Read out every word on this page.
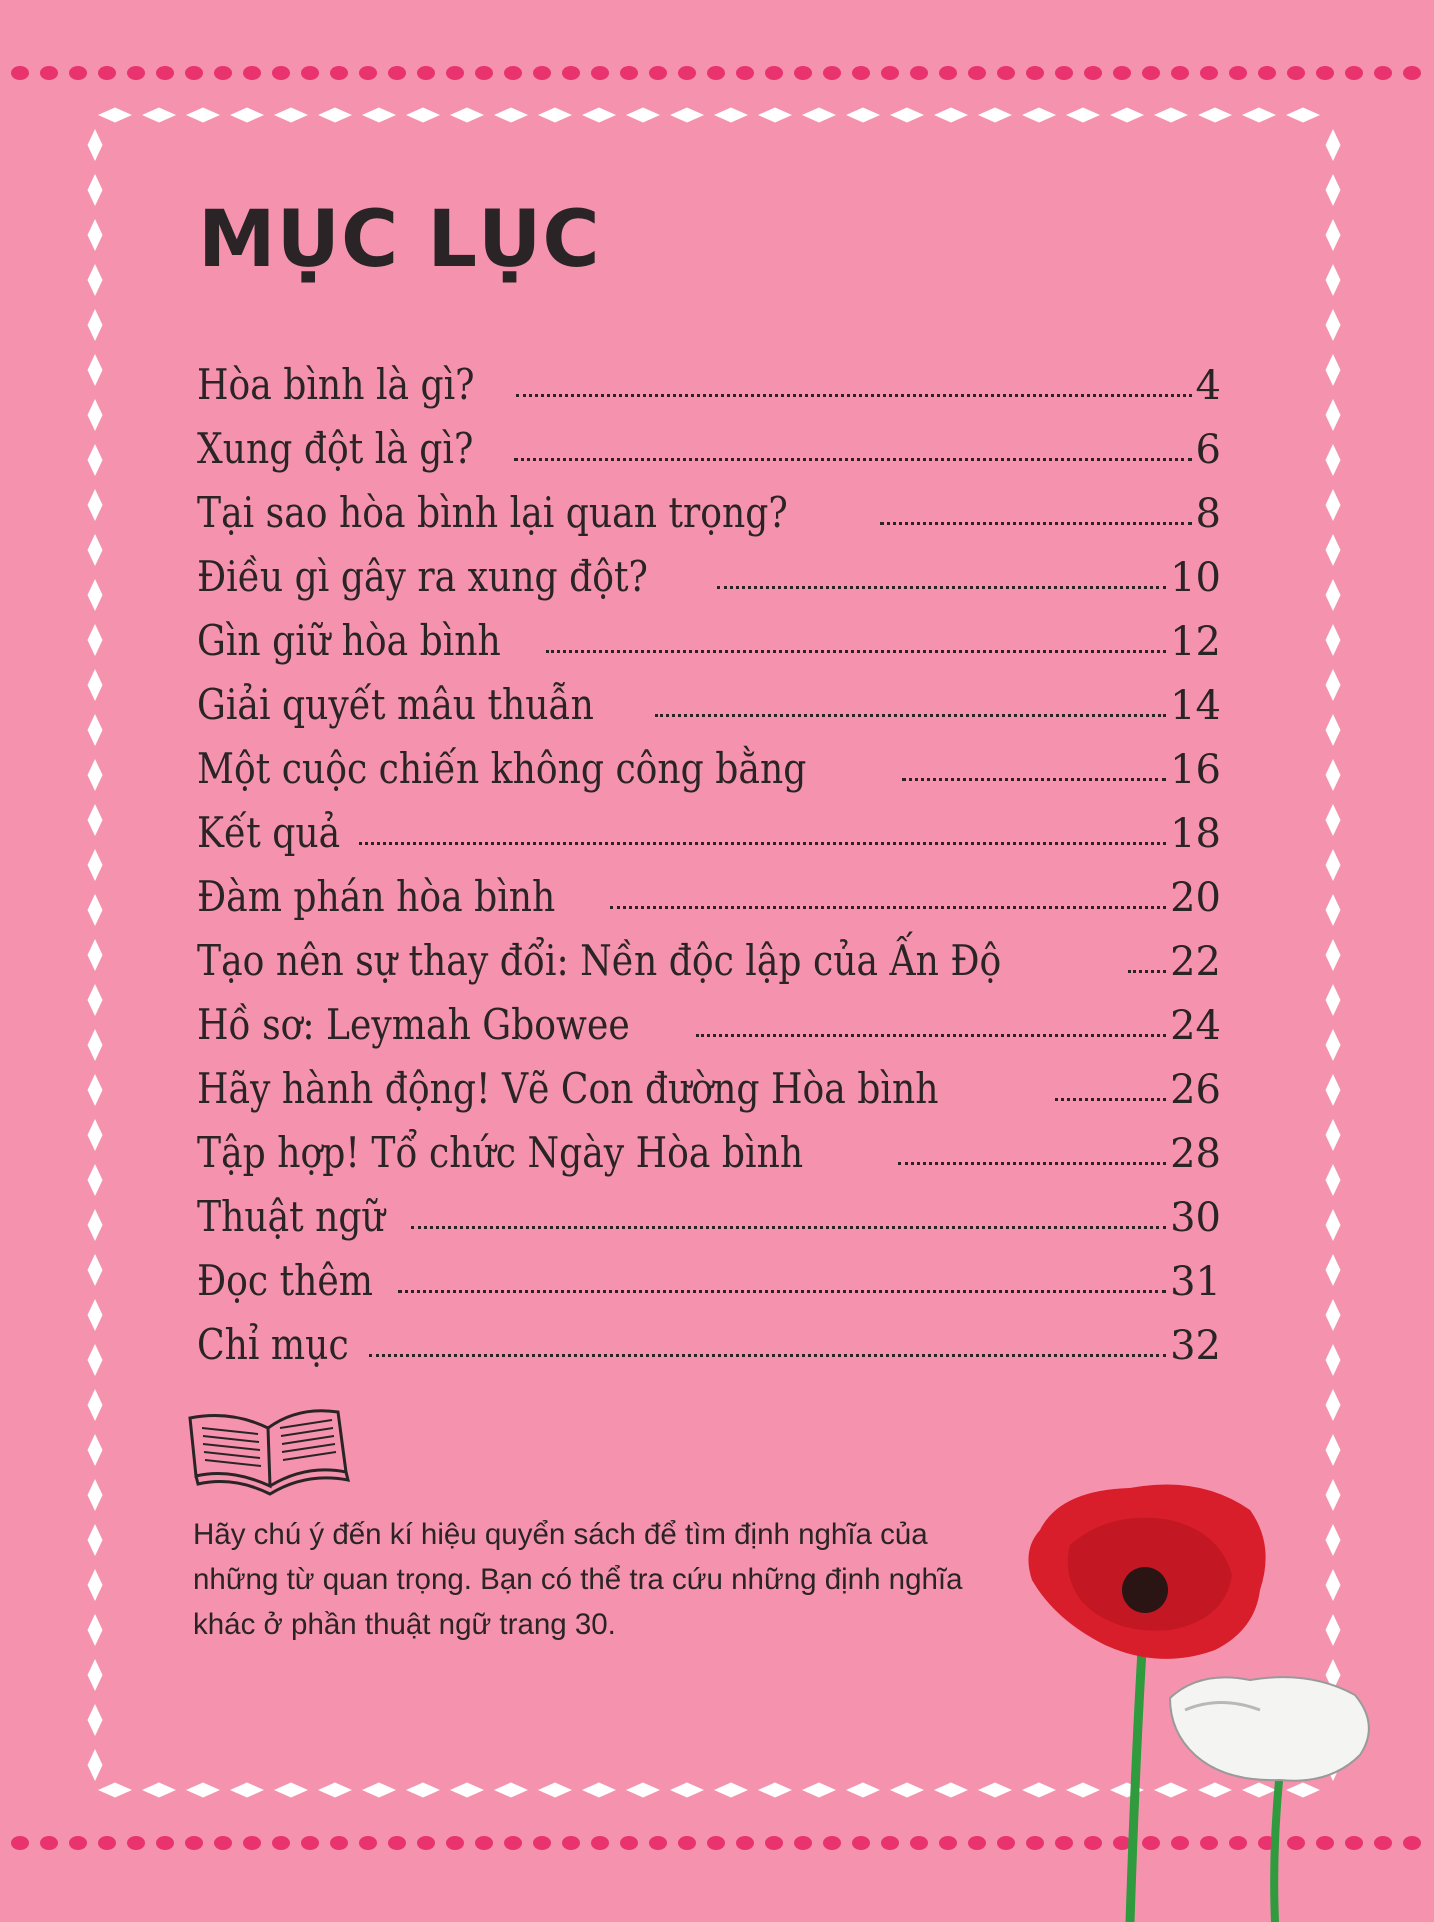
MỤC LỤC
Hòa bình là gì?	4
Xung đột là gì?	6
Tại sao hòa bình lại quan trọng?	8
Điều gì gây ra xung đột?	10
Gìn giữ hòa bình	12
Giải quyết mâu thuẫn	14
Một cuộc chiến không công bằng	16
Kết quả	18
Đàm phán hòa bình	20
Tạo nên sự thay đổi: Nền độc lập của Ấn Độ	22
Hồ sơ: Leymah Gbowee	24
Hãy hành động! Vẽ Con đường Hòa bình	26
Tập hợp! Tổ chức Ngày Hòa bình	28
Thuật ngữ	30
Đọc thêm	31
Chỉ mục	32

Hãy chú ý đến kí hiệu quyển sách để tìm định nghĩa của những từ quan trọng. Bạn có thể tra cứu những định nghĩa khác ở phần thuật ngữ trang 30.
